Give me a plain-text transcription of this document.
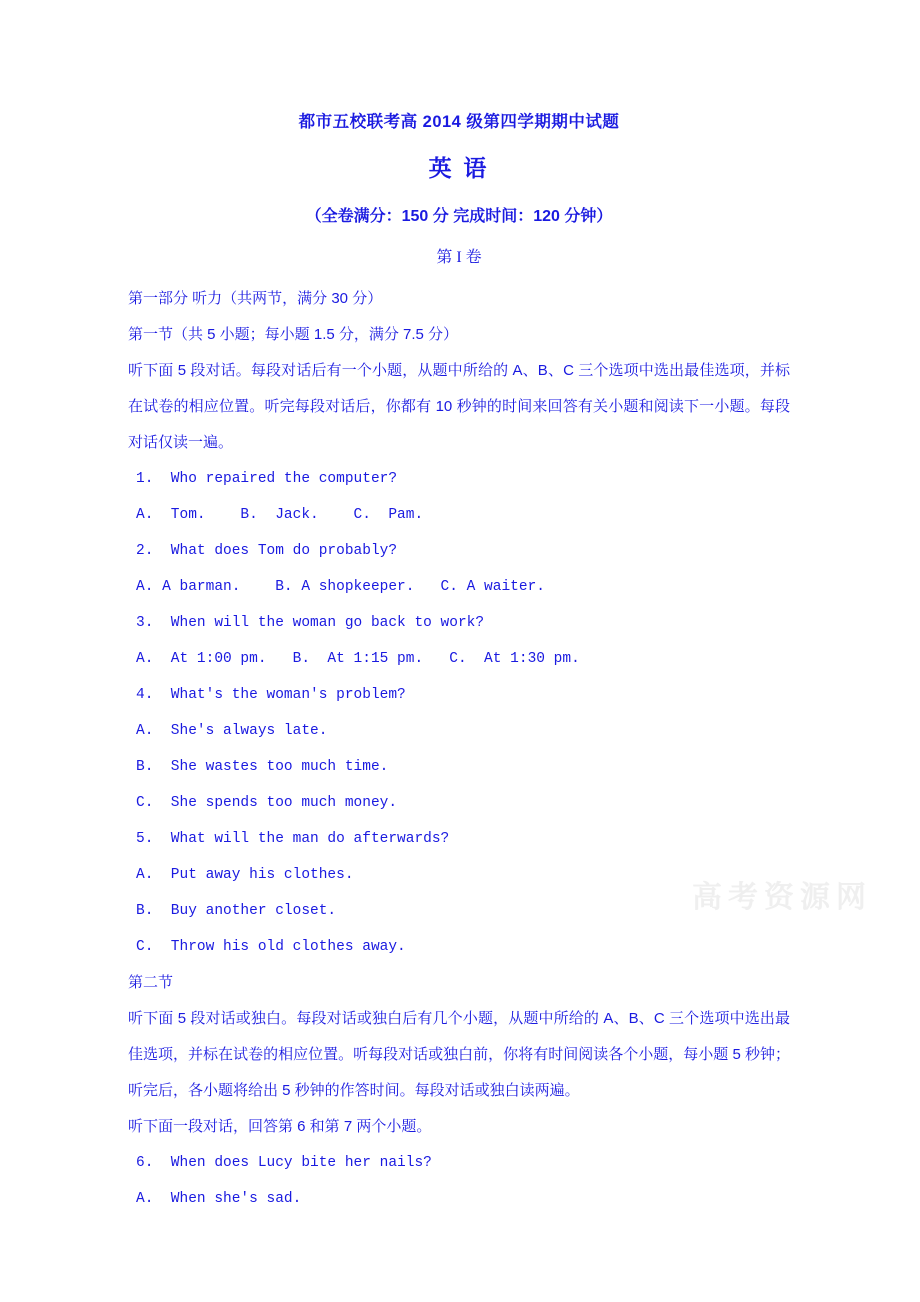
都市五校联考高 2014 级第四学期期中试题
英 语
（全卷满分：150 分 完成时间：120 分钟）
第 I 卷
第一部分 听力（共两节，满分 30 分）
第一节（共 5 小题；每小题 1.5 分，满分 7.5 分）
听下面 5 段对话。每段对话后有一个小题，从题中所给的 A、B、C 三个选项中选出最佳选项，并标在试卷的相应位置。听完每段对话后，你都有 10 秒钟的时间来回答有关小题和阅读下一小题。每段对话仅读一遍。
1.  Who repaired the computer?
A.  Tom.    B.  Jack.    C.  Pam.
2.  What does Tom do probably?
A. A barman.    B. A shopkeeper.   C. A waiter.
3.  When will the woman go back to work?
A.  At 1:00 pm.   B.  At 1:15 pm.   C.  At 1:30 pm.
4.  What's the woman's problem?
A.  She's always late.
B.  She wastes too much time.
C.  She spends too much money.
5.  What will the man do afterwards?
A.  Put away his clothes.
B.  Buy another closet.
C.  Throw his old clothes away.
第二节
听下面 5 段对话或独白。每段对话或独白后有几个小题，从题中所给的 A、B、C 三个选项中选出最佳选项，并标在试卷的相应位置。听每段对话或独白前，你将有时间阅读各个小题，每小题 5 秒钟；听完后，各小题将给出 5 秒钟的作答时间。每段对话或独白读两遍。
听下面一段对话，回答第 6 和第 7 两个小题。
6.  When does Lucy bite her nails?
A.  When she's sad.
高考资源网
